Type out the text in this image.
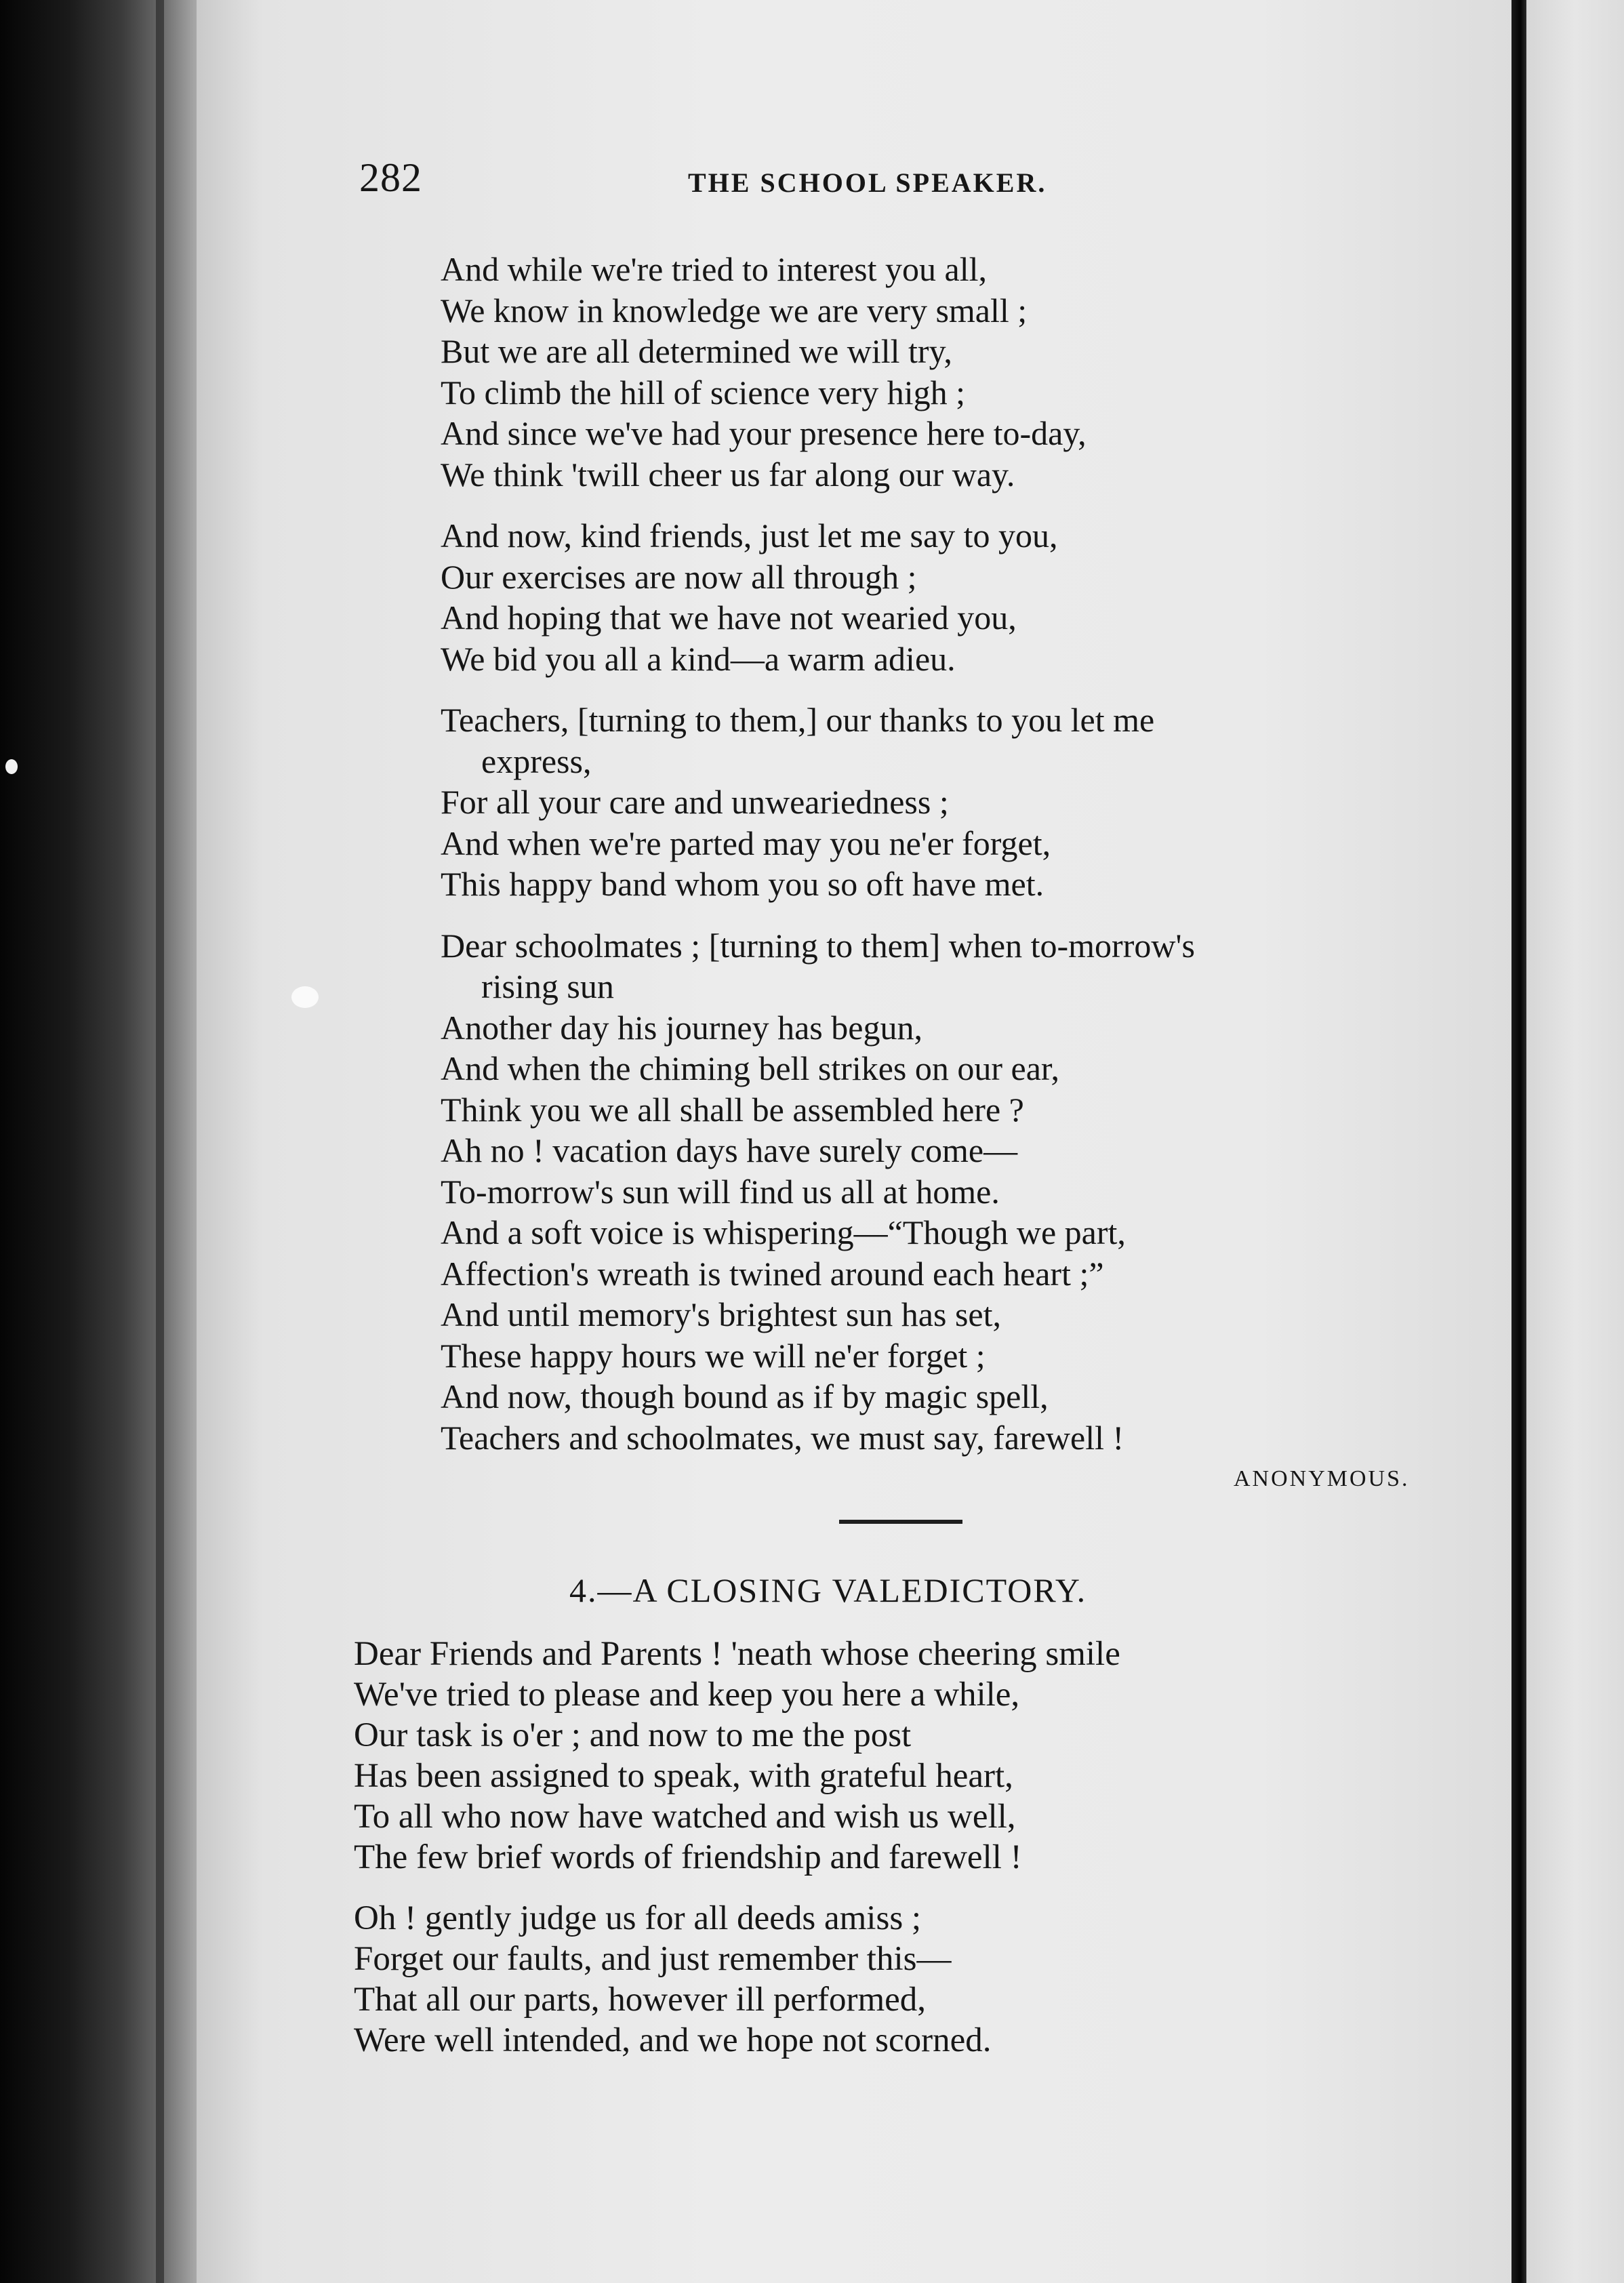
282	THE SCHOOL SPEAKER.
And while we're tried to interest you all,
We know in knowledge we are very small ;
But we are all determined we will try,
To climb the hill of science very high ;
And since we've had your presence here to-day,
We think 'twill cheer us far along our way.
And now, kind friends, just let me say to you,
Our exercises are now all through ;
And hoping that we have not wearied you,
We bid you all a kind—a warm adieu.
Teachers, [turning to them,] our thanks to you let me
express,
For all your care and unweariedness ;
And when we're parted may you ne'er forget,
This happy band whom you so oft have met.
Dear schoolmates ; [turning to them] when to-morrow's
rising sun
Another day his journey has begun,
And when the chiming bell strikes on our ear,
Think you we all shall be assembled here ?
Ah no ! vacation days have surely come—
To-morrow's sun will find us all at home.
And a soft voice is whispering—“Though we part,
Affection's wreath is twined around each heart ;”
And until memory's brightest sun has set,
These happy hours we will ne'er forget ;
And now, though bound as if by magic spell,
Teachers and schoolmates, we must say, farewell !
ANONYMOUS.
4.—A CLOSING VALEDICTORY.
Dear Friends and Parents ! 'neath whose cheering smile
We've tried to please and keep you here a while,
Our task is o'er ; and now to me the post
Has been assigned to speak, with grateful heart,
To all who now have watched and wish us well,
The few brief words of friendship and farewell !
Oh ! gently judge us for all deeds amiss ;
Forget our faults, and just remember this—
That all our parts, however ill performed,
Were well intended, and we hope not scorned.
